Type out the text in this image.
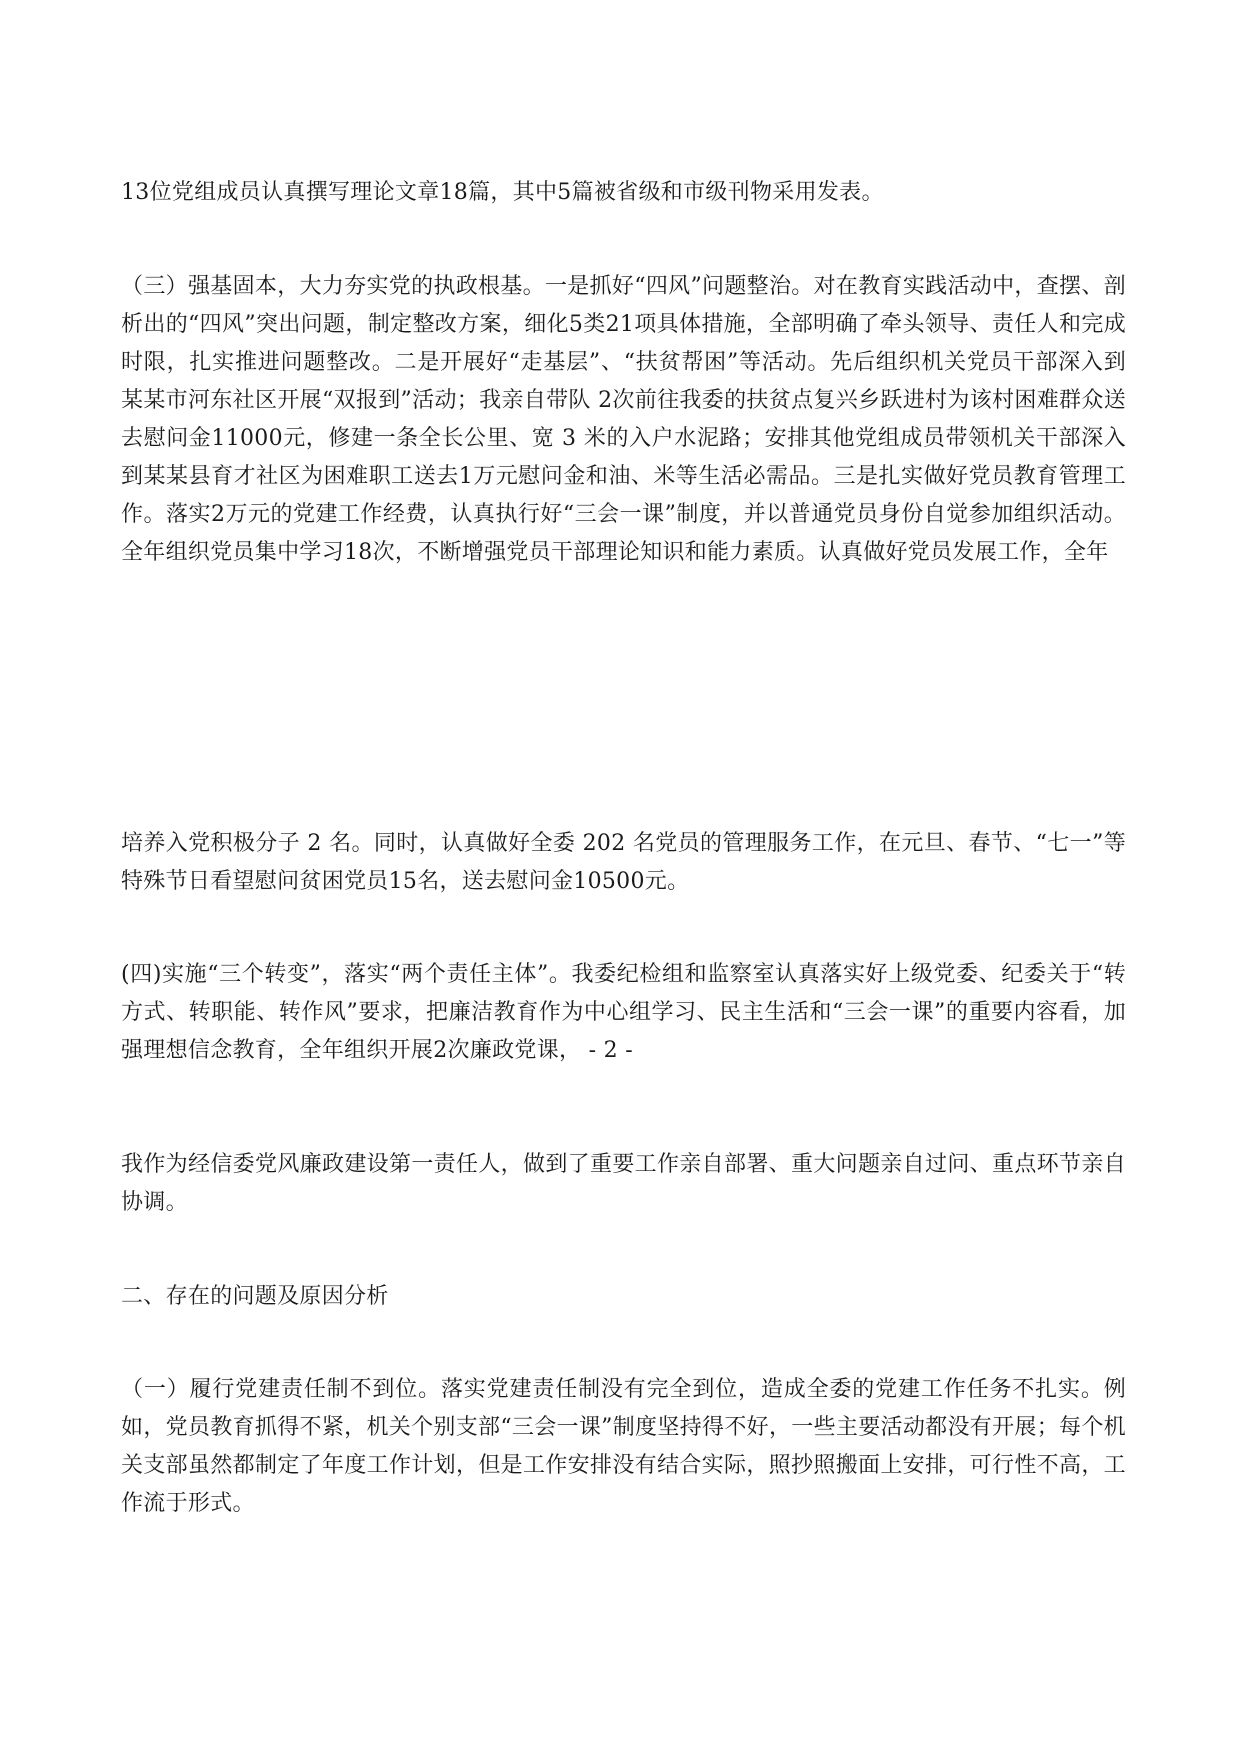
13位党组成员认真撰写理论文章18篇，其中5篇被省级和市级刊物采用发表。

（三）强基固本，大力夯实党的执政根基。一是抓好“四风”问题整治。对在教育实践活动中，查摆、剖析出的“四风”突出问题，制定整改方案，细化5类21项具体措施，全部明确了牵头领导、责任人和完成时限，扎实推进问题整改。二是开展好“走基层”、“扶贫帮困”等活动。先后组织机关党员干部深入到某某市河东社区开展“双报到”活动；我亲自带队 2次前往我委的扶贫点复兴乡跃进村为该村困难群众送去慰问金11000元，修建一条全长公里、宽 3 米的入户水泥路；安排其他党组成员带领机关干部深入到某某县育才社区为困难职工送去1万元慰问金和油、米等生活必需品。三是扎实做好党员教育管理工作。落实2万元的党建工作经费，认真执行好“三会一课”制度，并以普通党员身份自觉参加组织活动。全年组织党员集中学习18次，不断增强党员干部理论知识和能力素质。认真做好党员发展工作，全年

培养入党积极分子 2 名。同时，认真做好全委 202 名党员的管理服务工作，在元旦、春节、“七一”等特殊节日看望慰问贫困党员15名，送去慰问金10500元。

(四)实施“三个转变”，落实“两个责任主体”。我委纪检组和监察室认真落实好上级党委、纪委关于“转方式、转职能、转作风”要求，把廉洁教育作为中心组学习、民主生活和“三会一课”的重要内容看，加强理想信念教育，全年组织开展2次廉政党课， - 2 -

我作为经信委党风廉政建设第一责任人，做到了重要工作亲自部署、重大问题亲自过问、重点环节亲自协调。

二、存在的问题及原因分析

（一）履行党建责任制不到位。落实党建责任制没有完全到位，造成全委的党建工作任务不扎实。例如，党员教育抓得不紧，机关个别支部“三会一课”制度坚持得不好，一些主要活动都没有开展；每个机关支部虽然都制定了年度工作计划，但是工作安排没有结合实际，照抄照搬面上安排，可行性不高，工作流于形式。
